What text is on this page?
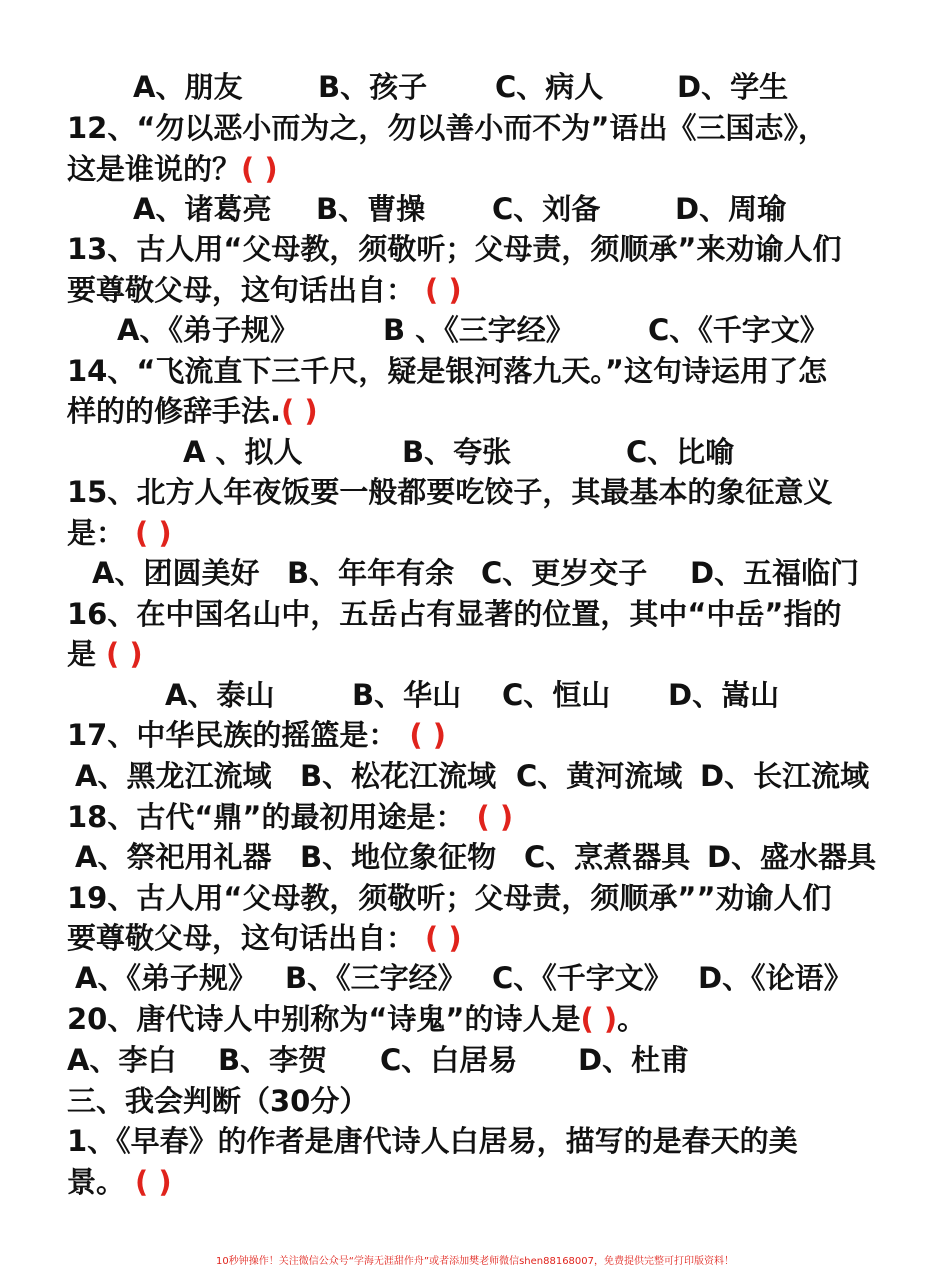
A、朋友	B、孩子 C、病人	D、学生
12、“勿以恶小而为之，勿以善小而不为”语出《三国志》，
这是谁说的？( )
A、诸葛亮 B、曹操 C、刘备	D、周瑜
13、古人用“父母教，须敬听；父母责，须顺承”来劝谕人们
要尊敬父母，这句话出自： ( )
A、《弟子规》	B 、《三字经》	C、《千字文》
14、“飞流直下三千尺，疑是银河落九天。”这句诗运用了怎
样的的修辞手法.( )
A 、拟人	B、夸张	C、比喻
15、北方人年夜饭要一般都要吃饺子，其最基本的象征意义
是： ( )
A、团圆美好 B、年年有余 C、更岁交子 D、五福临门
16、在中国名山中，五岳占有显著的位置，其中“中岳”指的
是 ( )
A、泰山	B、华山 C、恒山 D、嵩山
17、中华民族的摇篮是： ( )
A、黑龙江流域 B、松花江流域 C、黄河流域 D、长江流域
18、古代“鼎”的最初用途是： ( )
A、祭祀用礼器 B、地位象征物 C、烹煮器具 D、盛水器具
19、古人用“父母教，须敬听；父母责，须顺承””劝谕人们
要尊敬父母，这句话出自： ( )
A、《弟子规》 B、《三字经》 C、《千字文》 D、《论语》
20、唐代诗人中别称为“诗鬼”的诗人是( )。
A、李白 B、李贺 C、白居易 D、杜甫
三、我会判断（30分）
1、《早春》的作者是唐代诗人白居易，描写的是春天的美
景。 ( )
10秒钟操作！关注微信公众号“学海无涯甜作舟”或者添加樊老师微信shen88168007，免费提供完整可打印版资料！
